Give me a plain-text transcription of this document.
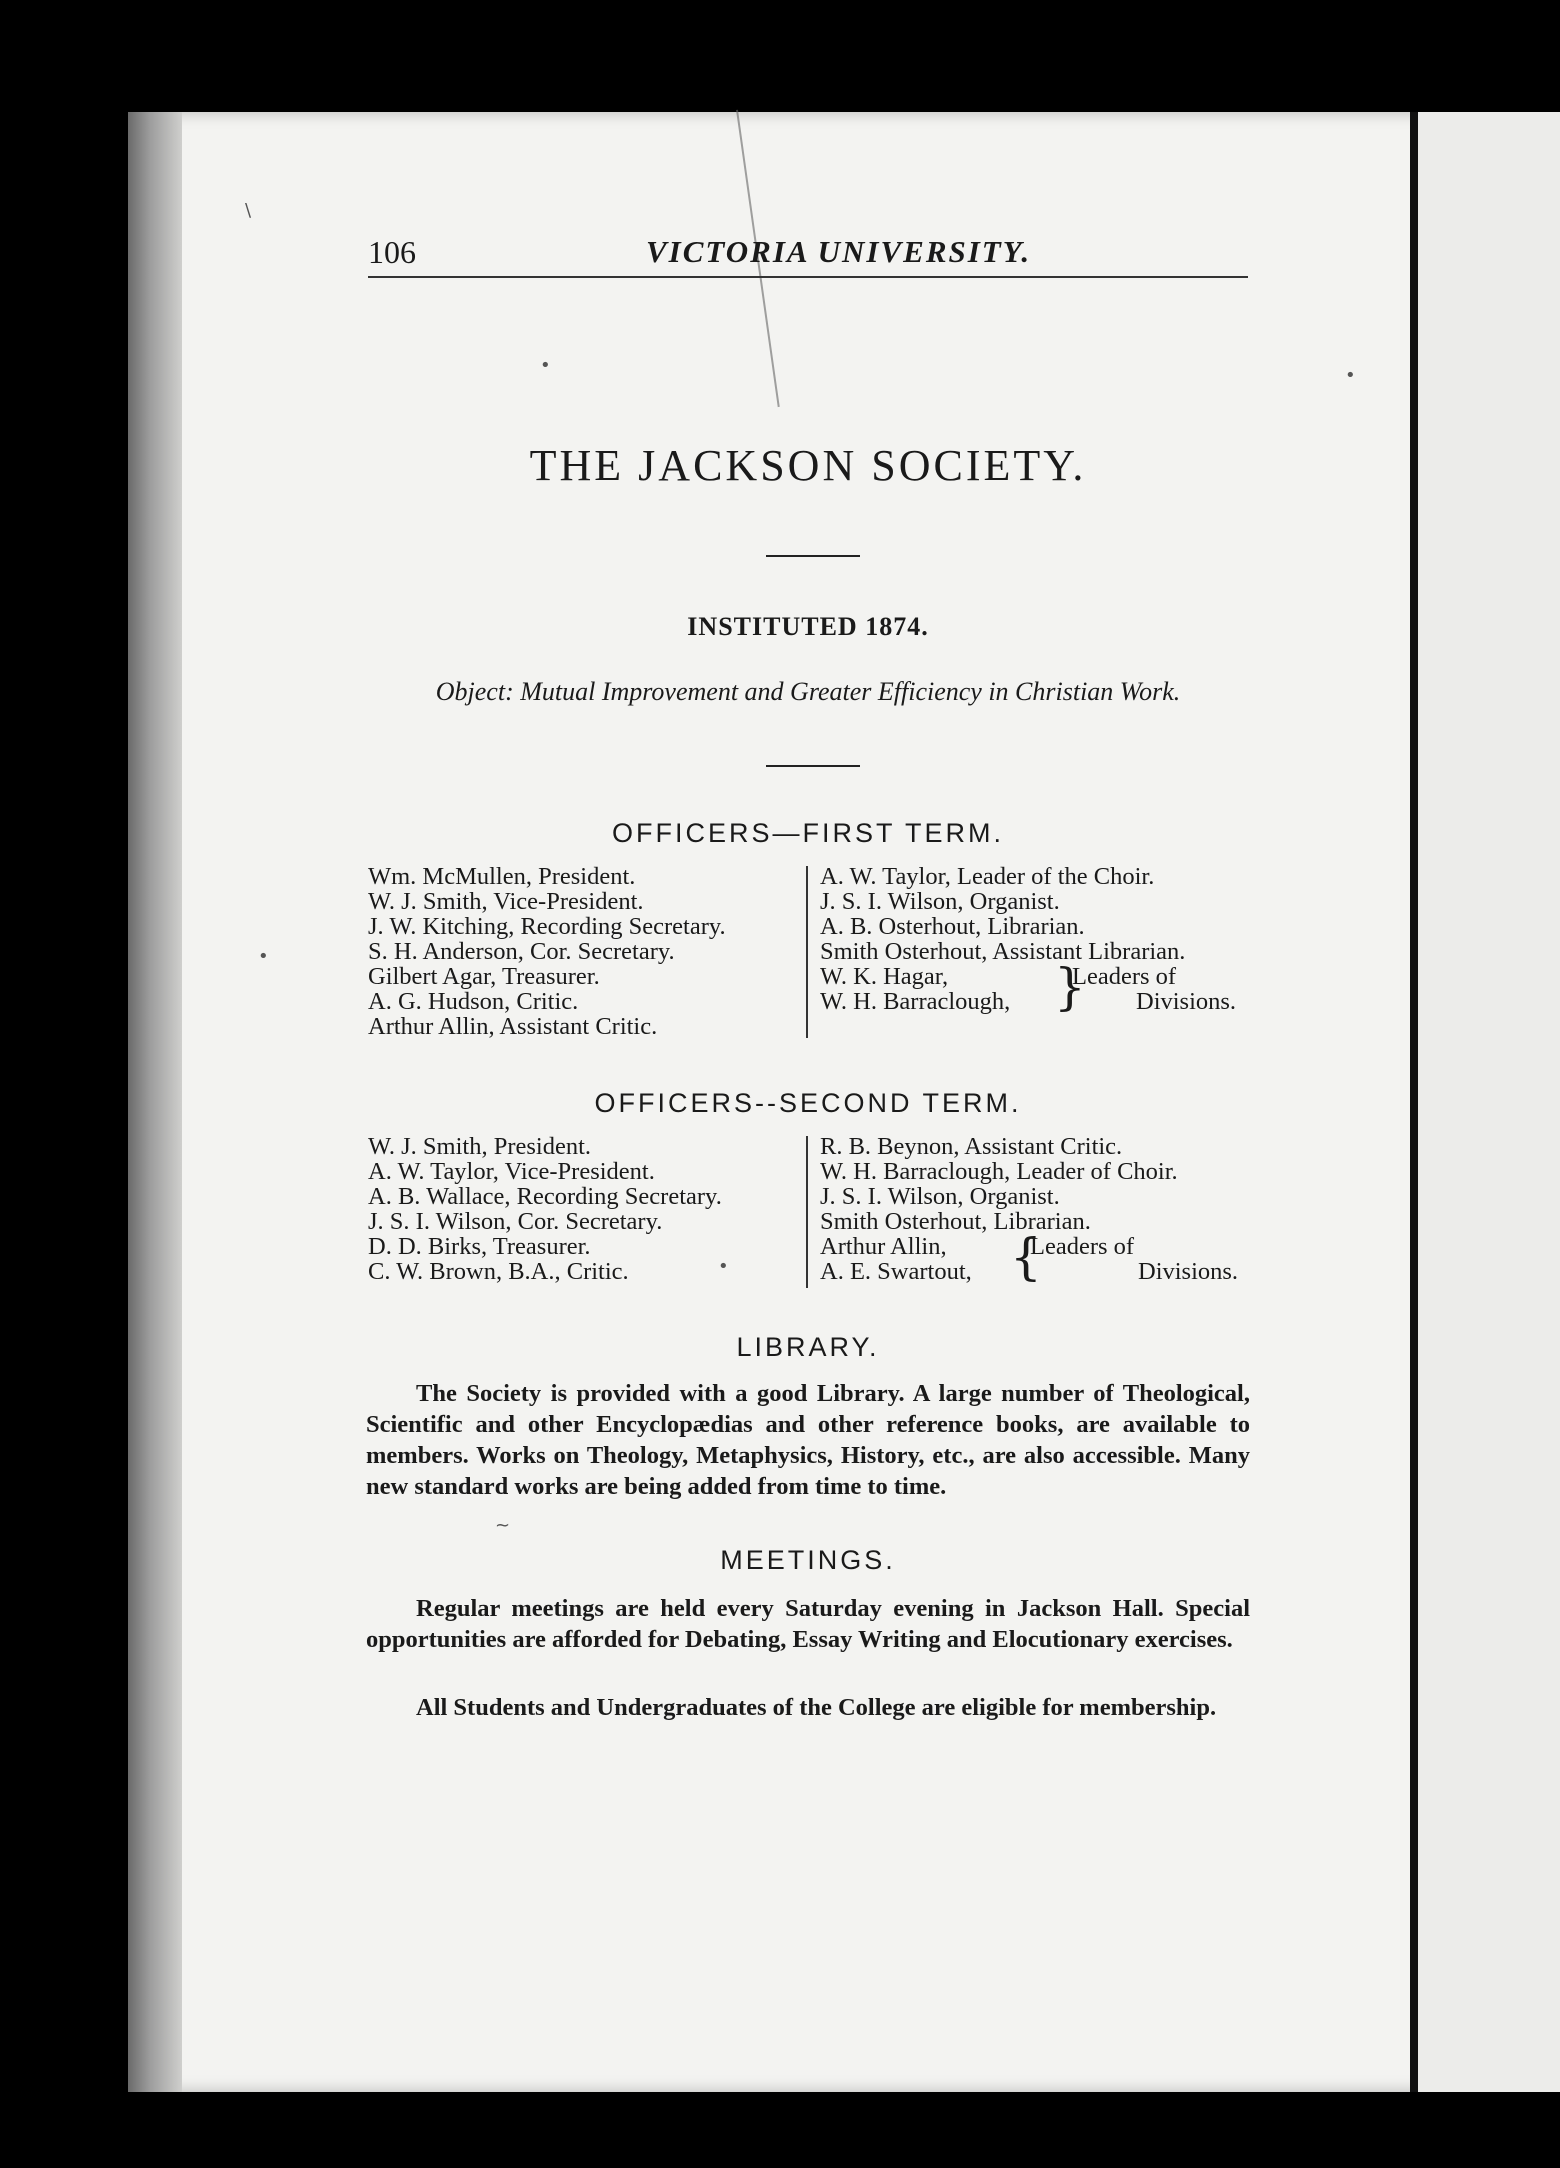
106	VICTORIA UNIVERSITY.
THE JACKSON SOCIETY.
INSTITUTED 1874.
Object: Mutual Improvement and Greater Efficiency in Christian Work.
OFFICERS—FIRST TERM.
Wm. McMullen, President.
W. J. Smith, Vice-President.
J. W. Kitching, Recording Secretary.
S. H. Anderson, Cor. Secretary.
Gilbert Agar, Treasurer.
A. G. Hudson, Critic.
Arthur Allin, Assistant Critic.
A. W. Taylor, Leader of the Choir.
J. S. I. Wilson, Organist.
A. B. Osterhout, Librarian.
Smith Osterhout, Assistant Librarian.
W. K. Hagar,
W. H. Barraclough, }
Leaders of
Divisions.
OFFICERS--SECOND TERM.
W. J. Smith, President.
A. W. Taylor, Vice-President.
A. B. Wallace, Recording Secretary.
J. S. I. Wilson, Cor. Secretary.
D. D. Birks, Treasurer.
C. W. Brown, B.A., Critic.
R. B. Beynon, Assistant Critic.
W. H. Barraclough, Leader of Choir.
J. S. I. Wilson, Organist.
Smith Osterhout, Librarian.
Arthur Allin,
A. E. Swartout, {
Leaders of
Divisions.
LIBRARY.

The Society is provided with a good Library. A large number of Theological, Scientific and other Encyclopædias and other reference books, are available to members. Works on Theology, Metaphysics, History, etc., are also accessible. Many new standard works are being added from time to time.

MEETINGS.

Regular meetings are held every Saturday evening in Jackson Hall. Special opportunities are afforded for Debating, Essay Writing and Elocutionary exercises.

All Students and Undergraduates of the College are eligible for membership.

\
•	•
•
•
~
